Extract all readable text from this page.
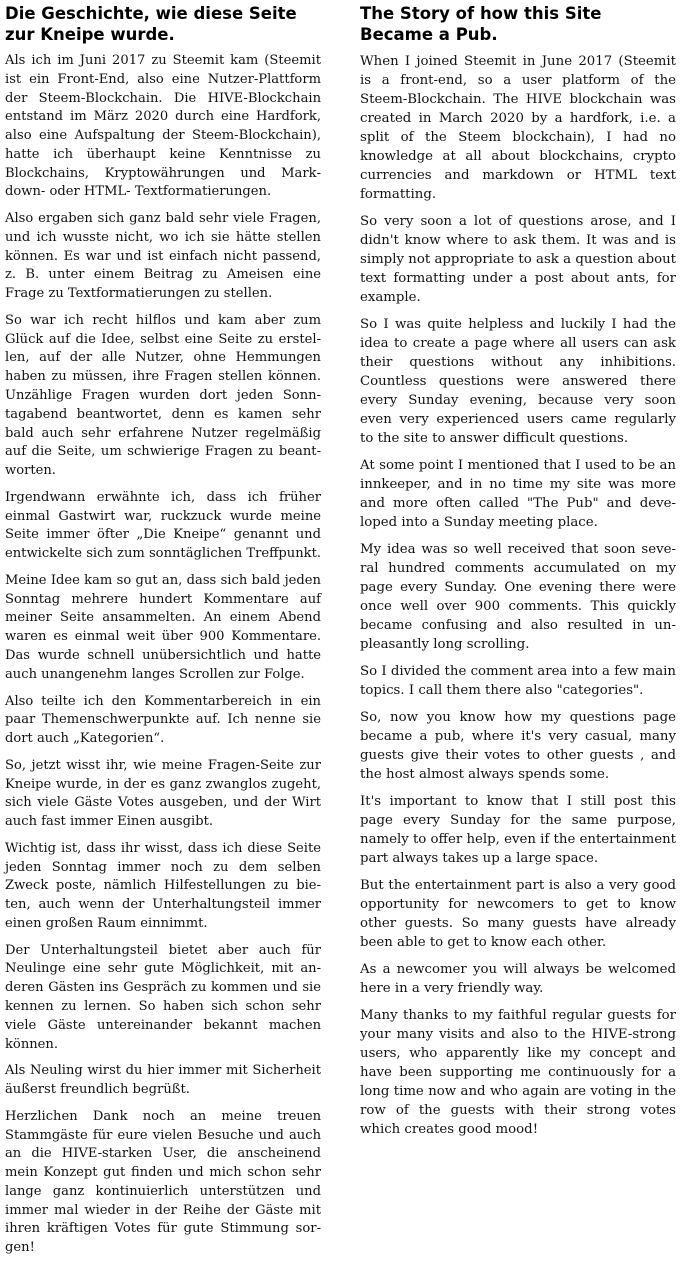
Die Geschichte, wie diese Seite zur Kneipe wurde.

Als ich im Juni 2017 zu Steemit kam (Steemit ist ein Front-End, also eine Nutzer-Plattform der Steem-Blockchain. Die HIVE-Blockchain entstand im März 2020 durch eine Hardfork, also eine Aufspaltung der Steem-Blockchain), hatte ich überhaupt keine Kenntnisse zu Blockchains, Kryptowährungen und Markdown- oder HTML- Textformatierungen.

Also ergaben sich ganz bald sehr viele Fragen, und ich wusste nicht, wo ich sie hätte stellen können. Es war und ist einfach nicht passend, z. B. unter einem Beitrag zu Ameisen eine Frage zu Textformatierungen zu stellen.

So war ich recht hilflos und kam aber zum Glück auf die Idee, selbst eine Seite zu erstellen, auf der alle Nutzer, ohne Hemmungen haben zu müssen, ihre Fragen stellen können. Unzählige Fragen wurden dort jeden Sonntagabend beantwortet, denn es kamen sehr bald auch sehr erfahrene Nutzer regelmäßig auf die Seite, um schwierige Fragen zu beantworten.

Irgendwann erwähnte ich, dass ich früher einmal Gastwirt war, ruckzuck wurde meine Seite immer öfter „Die Kneipe“ genannt und entwickelte sich zum sonntäglichen Treffpunkt.

Meine Idee kam so gut an, dass sich bald jeden Sonntag mehrere hundert Kommentare auf meiner Seite ansammelten. An einem Abend waren es einmal weit über 900 Kommentare. Das wurde schnell unübersichtlich und hatte auch unangenehm langes Scrollen zur Folge.

Also teilte ich den Kommentarbereich in ein paar Themenschwerpunkte auf. Ich nenne sie dort auch „Kategorien“.

So, jetzt wisst ihr, wie meine Fragen-Seite zur Kneipe wurde, in der es ganz zwanglos zugeht, sich viele Gäste Votes ausgeben, und der Wirt auch fast immer Einen ausgibt.

Wichtig ist, dass ihr wisst, dass ich diese Seite jeden Sonntag immer noch zu dem selben Zweck poste, nämlich Hilfestellungen zu bieten, auch wenn der Unterhaltungsteil immer einen großen Raum einnimmt.

Der Unterhaltungsteil bietet aber auch für Neulinge eine sehr gute Möglichkeit, mit anderen Gästen ins Gespräch zu kommen und sie kennen zu lernen. So haben sich schon sehr viele Gäste untereinander bekannt machen können.

Als Neuling wirst du hier immer mit Sicherheit äußerst freundlich begrüßt.

Herzlichen Dank noch an meine treuen Stammgäste für eure vielen Besuche und auch an die HIVE-starken User, die anscheinend mein Konzept gut finden und mich schon sehr lange ganz kontinuierlich unterstützen und immer mal wieder in der Reihe der Gäste mit ihren kräftigen Votes für gute Stimmung sorgen!

The Story of how this Site Became a Pub.

When I joined Steemit in June 2017 (Steemit is a front-end, so a user platform of the Steem-Blockchain. The HIVE blockchain was created in March 2020 by a hardfork, i.e. a split of the Steem blockchain), I had no knowledge at all about blockchains, crypto currencies and markdown or HTML text formatting.

So very soon a lot of questions arose, and I didn't know where to ask them. It was and is simply not appropriate to ask a question about text formatting under a post about ants, for example.

So I was quite helpless and luckily I had the idea to create a page where all users can ask their questions without any inhibitions. Countless questions were answered there every Sunday evening, because very soon even very experienced users came regularly to the site to answer difficult questions.

At some point I mentioned that I used to be an innkeeper, and in no time my site was more and more often called "The Pub" and developed into a Sunday meeting place.

My idea was so well received that soon several hundred comments accumulated on my page every Sunday. One evening there were once well over 900 comments. This quickly became confusing and also resulted in unpleasantly long scrolling.

So I divided the comment area into a few main topics. I call them there also "categories".

So, now you know how my questions page became a pub, where it's very casual, many guests give their votes to other guests , and the host almost always spends some.

It's important to know that I still post this page every Sunday for the same purpose, namely to offer help, even if the entertainment part always takes up a large space.

But the entertainment part is also a very good opportunity for newcomers to get to know other guests. So many guests have already been able to get to know each other.

As a newcomer you will always be welcomed here in a very friendly way.

Many thanks to my faithful regular guests for your many visits and also to the HIVE-strong users, who apparently like my concept and have been supporting me continuously for a long time now and who again are voting in the row of the guests with their strong votes which creates good mood!
